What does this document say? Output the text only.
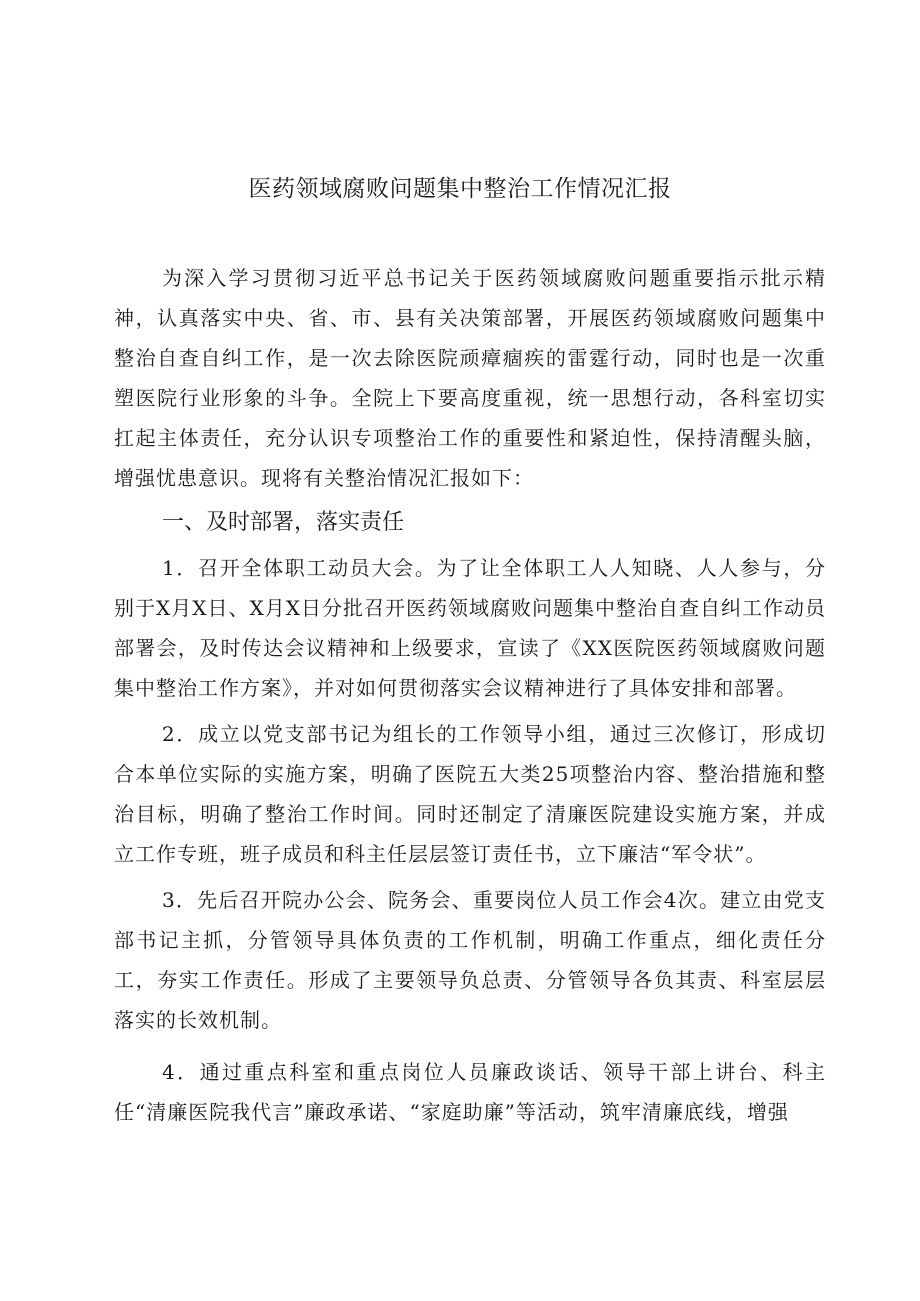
医药领域腐败问题集中整治工作情况汇报

为深入学习贯彻习近平总书记关于医药领域腐败问题重要指示批示精神，认真落实中央、省、市、县有关决策部署，开展医药领域腐败问题集中整治自查自纠工作，是一次去除医院顽瘴痼疾的雷霆行动，同时也是一次重塑医院行业形象的斗争。全院上下要高度重视，统一思想行动，各科室切实扛起主体责任，充分认识专项整治工作的重要性和紧迫性，保持清醒头脑，增强忧患意识。现将有关整治情况汇报如下：

一、及时部署，落实责任

1．召开全体职工动员大会。为了让全体职工人人知晓、人人参与，分别于X月X日、X月X日分批召开医药领域腐败问题集中整治自查自纠工作动员部署会，及时传达会议精神和上级要求，宣读了《XX医院医药领域腐败问题集中整治工作方案》，并对如何贯彻落实会议精神进行了具体安排和部署。

2．成立以党支部书记为组长的工作领导小组，通过三次修订，形成切合本单位实际的实施方案，明确了医院五大类25项整治内容、整治措施和整治目标，明确了整治工作时间。同时还制定了清廉医院建设实施方案，并成立工作专班，班子成员和科主任层层签订责任书，立下廉洁“军令状”。

3．先后召开院办公会、院务会、重要岗位人员工作会4次。建立由党支部书记主抓，分管领导具体负责的工作机制，明确工作重点，细化责任分工，夯实工作责任。形成了主要领导负总责、分管领导各负其责、科室层层落实的长效机制。

4．通过重点科室和重点岗位人员廉政谈话、领导干部上讲台、科主任“清廉医院我代言”廉政承诺、“家庭助廉”等活动，筑牢清廉底线，增强
